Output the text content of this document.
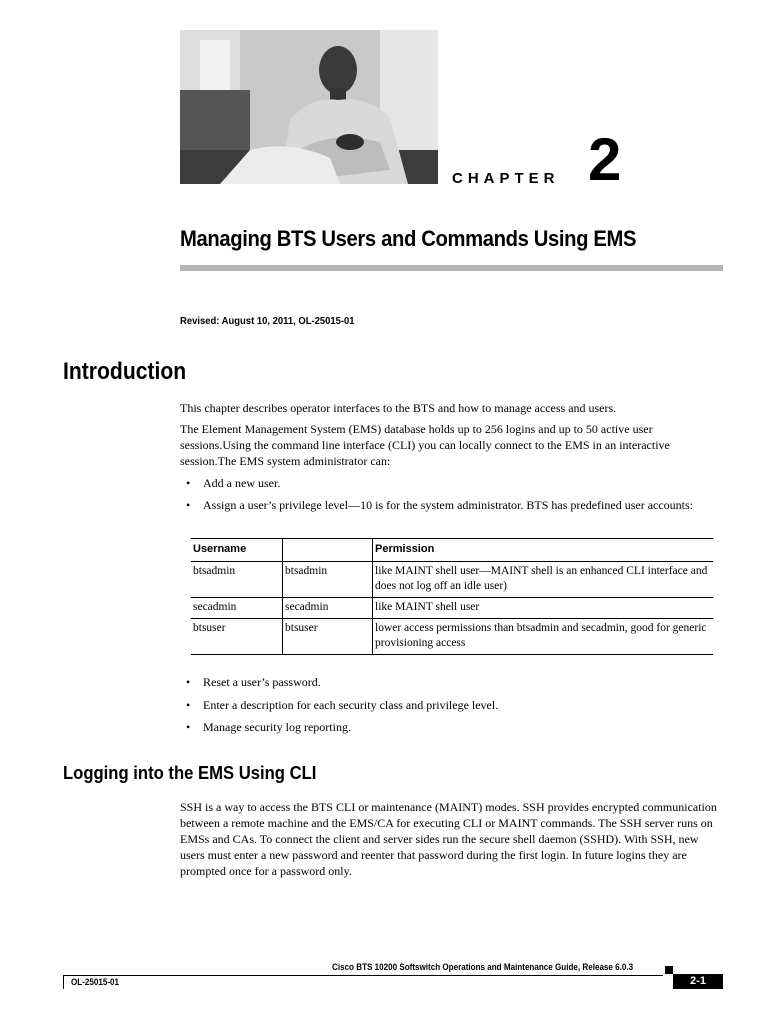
CHAPTER 2
Managing BTS Users and Commands Using EMS
Revised: August 10, 2011, OL-25015-01
Introduction
This chapter describes operator interfaces to the BTS and how to manage access and users.
The Element Management System (EMS) database holds up to 256 logins and up to 50 active user sessions.Using the command line interface (CLI) you can locally connect to the EMS in an interactive session.The EMS system administrator can:
• Add a new user.
• Assign a user’s privilege level—10 is for the system administrator. BTS has predefined user accounts:
Username		Permission
btsadmin	btsadmin	like MAINT shell user—MAINT shell is an enhanced CLI interface and does not log off an idle user)
secadmin	secadmin	like MAINT shell user
btsuser	btsuser	lower access permissions than btsadmin and secadmin, good for generic provisioning access
• Reset a user’s password.
• Enter a description for each security class and privilege level.
• Manage security log reporting.
Logging into the EMS Using CLI
SSH is a way to access the BTS CLI or maintenance (MAINT) modes. SSH provides encrypted communication between a remote machine and the EMS/CA for executing CLI or MAINT commands. The SSH server runs on EMSs and CAs. To connect the client and server sides run the secure shell daemon (SSHD). With SSH, new users must enter a new password and reenter that password during the first login. In future logins they are prompted once for a password only.
Cisco BTS 10200 Softswitch Operations and Maintenance Guide, Release 6.0.3
OL-25015-01	2-1
